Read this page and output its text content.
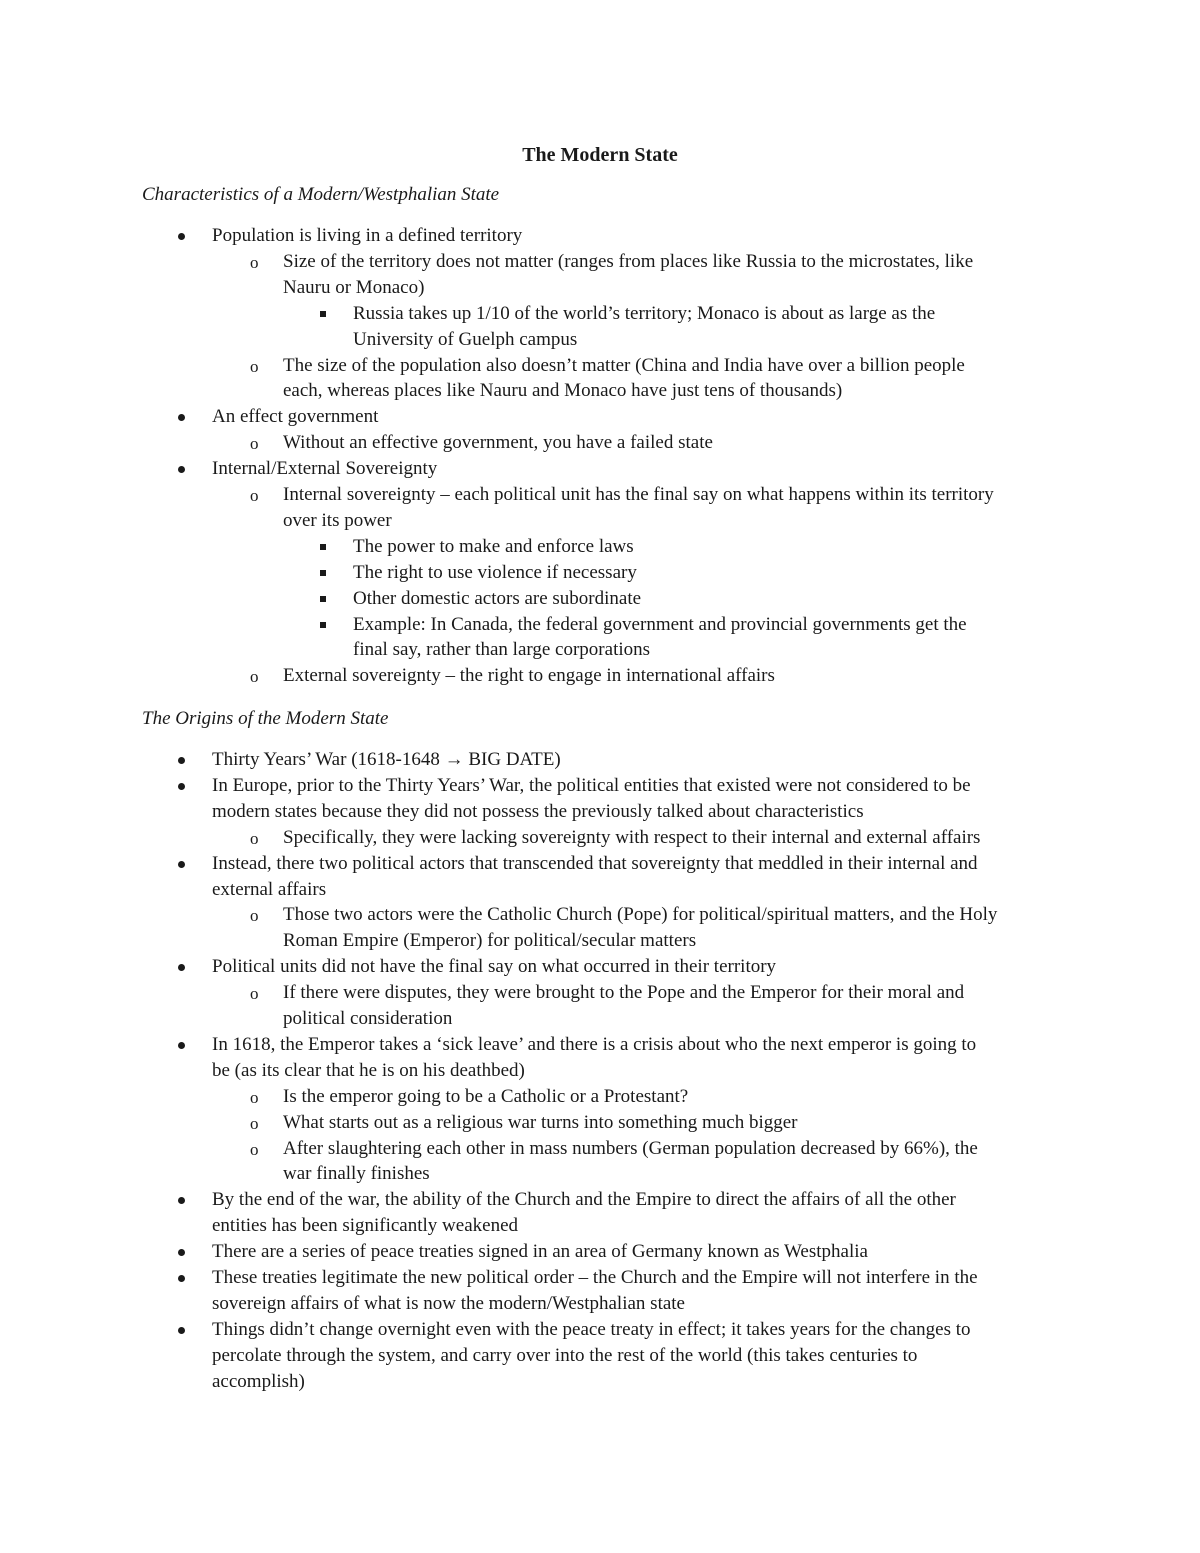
The Modern State
Characteristics of a Modern/Westphalian State
Population is living in a defined territory
o Size of the territory does not matter (ranges from places like Russia to the microstates, like
Nauru or Monaco)
Russia takes up 1/10 of the world’s territory; Monaco is about as large as the
University of Guelph campus
o The size of the population also doesn’t matter (China and India have over a billion people
each, whereas places like Nauru and Monaco have just tens of thousands)
An effect government
o Without an effective government, you have a failed state
Internal/External Sovereignty
o Internal sovereignty – each political unit has the final say on what happens within its territory
over its power
The power to make and enforce laws
The right to use violence if necessary
Other domestic actors are subordinate
Example: In Canada, the federal government and provincial governments get the
final say, rather than large corporations
o External sovereignty – the right to engage in international affairs
The Origins of the Modern State
Thirty Years’ War (1618-1648 → BIG DATE)
In Europe, prior to the Thirty Years’ War, the political entities that existed were not considered to be
modern states because they did not possess the previously talked about characteristics
o Specifically, they were lacking sovereignty with respect to their internal and external affairs
Instead, there two political actors that transcended that sovereignty that meddled in their internal and
external affairs
o Those two actors were the Catholic Church (Pope) for political/spiritual matters, and the Holy
Roman Empire (Emperor) for political/secular matters
Political units did not have the final say on what occurred in their territory
o If there were disputes, they were brought to the Pope and the Emperor for their moral and
political consideration
In 1618, the Emperor takes a ‘sick leave’ and there is a crisis about who the next emperor is going to
be (as its clear that he is on his deathbed)
o Is the emperor going to be a Catholic or a Protestant?
o What starts out as a religious war turns into something much bigger
o After slaughtering each other in mass numbers (German population decreased by 66%), the
war finally finishes
By the end of the war, the ability of the Church and the Empire to direct the affairs of all the other
entities has been significantly weakened
There are a series of peace treaties signed in an area of Germany known as Westphalia
These treaties legitimate the new political order – the Church and the Empire will not interfere in the
sovereign affairs of what is now the modern/Westphalian state
Things didn’t change overnight even with the peace treaty in effect; it takes years for the changes to
percolate through the system, and carry over into the rest of the world (this takes centuries to
accomplish)
